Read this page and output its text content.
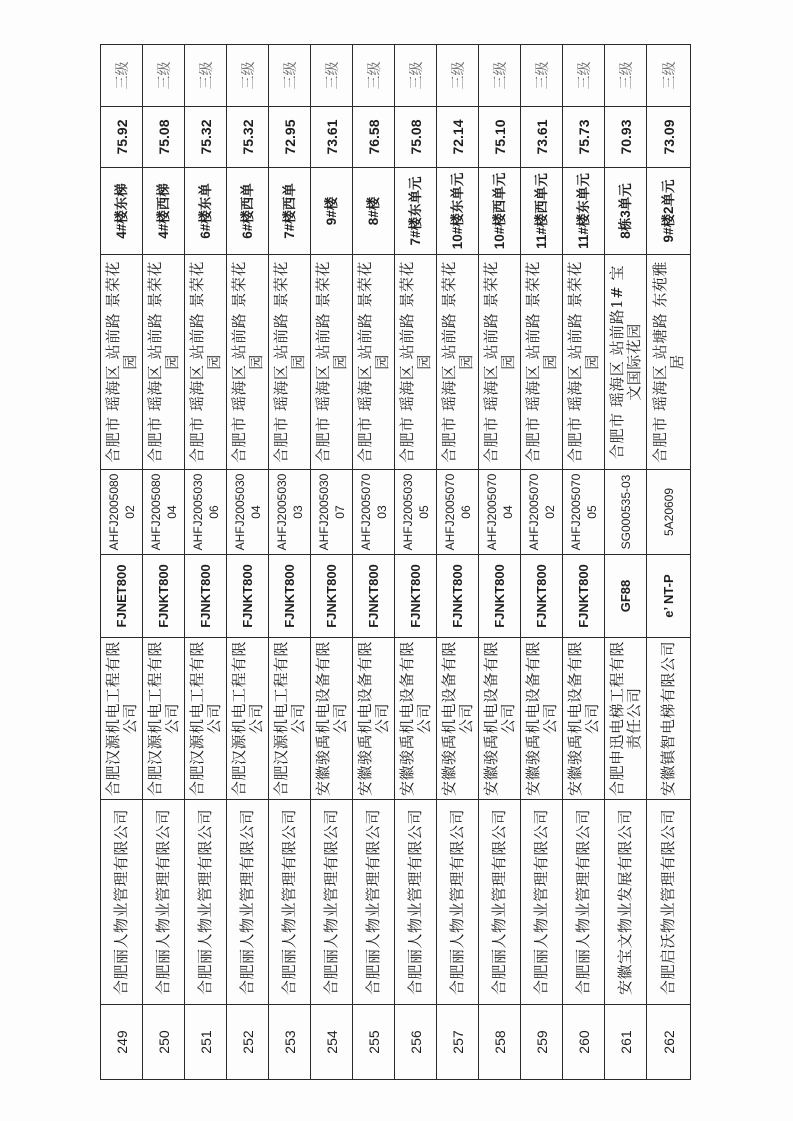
249	合肥丽人物业管理有限公司	合肥汉源机电工程有限公司	FJNET800	AHFJ200508002	合肥市 瑶海区 站前路 景荣花园	4#楼东梯	75.92	三级
250	合肥丽人物业管理有限公司	合肥汉源机电工程有限公司	FJNKT800	AHFJ200508004	合肥市 瑶海区 站前路 景荣花园	4#楼西梯	75.08	三级
251	合肥丽人物业管理有限公司	合肥汉源机电工程有限公司	FJNKT800	AHFJ200503006	合肥市 瑶海区 站前路 景荣花园	6#楼东单	75.32	三级
252	合肥丽人物业管理有限公司	合肥汉源机电工程有限公司	FJNKT800	AHFJ200503004	合肥市 瑶海区 站前路 景荣花园	6#楼西单	75.32	三级
253	合肥丽人物业管理有限公司	合肥汉源机电工程有限公司	FJNKT800	AHFJ200503003	合肥市 瑶海区 站前路 景荣花园	7#楼西单	72.95	三级
254	合肥丽人物业管理有限公司	安徽骏禹机电设备有限公司	FJNKT800	AHFJ200503007	合肥市 瑶海区 站前路 景荣花园	9#楼	73.61	三级
255	合肥丽人物业管理有限公司	安徽骏禹机电设备有限公司	FJNKT800	AHFJ200507003	合肥市 瑶海区 站前路 景荣花园	8#楼	76.58	三级
256	合肥丽人物业管理有限公司	安徽骏禹机电设备有限公司	FJNKT800	AHFJ200503005	合肥市 瑶海区 站前路 景荣花园	7#楼东单元	75.08	三级
257	合肥丽人物业管理有限公司	安徽骏禹机电设备有限公司	FJNKT800	AHFJ200507006	合肥市 瑶海区 站前路 景荣花园	10#楼东单元	72.14	三级
258	合肥丽人物业管理有限公司	安徽骏禹机电设备有限公司	FJNKT800	AHFJ200507004	合肥市 瑶海区 站前路 景荣花园	10#楼西单元	75.10	三级
259	合肥丽人物业管理有限公司	安徽骏禹机电设备有限公司	FJNKT800	AHFJ200507002	合肥市 瑶海区 站前路 景荣花园	11#楼西单元	73.61	三级
260	合肥丽人物业管理有限公司	安徽骏禹机电设备有限公司	FJNKT800	AHFJ200507005	合肥市 瑶海区 站前路 景荣花园	11#楼东单元	75.73	三级
261	安徽宝文物业发展有限公司	合肥申迅电梯工程有限责任公司	GF88	SG000535-03	合肥市 瑶海区 站前路1# 宝文国际花园	8栋3单元	70.93	三级
262	合肥启沃物业管理有限公司	安徽镇智电梯有限公司	e’ NT-P	5A20609	合肥市 瑶海区 站塘路 东苑雅居	9#楼2单元	73.09	三级
